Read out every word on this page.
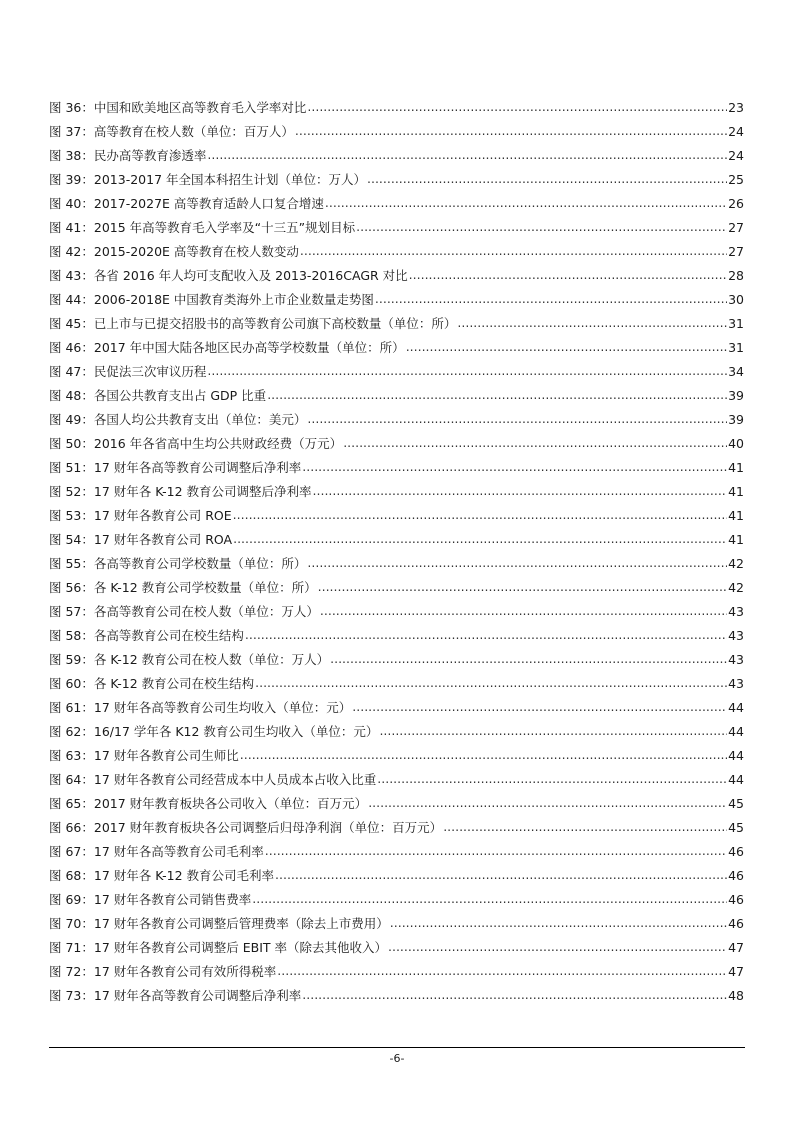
图 36： 中国和欧美地区高等教育毛入学率对比 .....	23
图 37： 高等教育在校人数（单位：百万人） .....	24
图 38： 民办高等教育渗透率 .....	24
图 39： 2013-2017 年全国本科招生计划（单位：万人） .....	25
图 40： 2017-2027E 高等教育适龄人口复合增速 .....	26
图 41： 2015 年高等教育毛入学率及“十三五”规划目标 .....	27
图 42： 2015-2020E 高等教育在校人数变动 .....	27
图 43： 各省 2016 年人均可支配收入及 2013-2016CAGR 对比 .....	28
图 44： 2006-2018E 中国教育类海外上市企业数量走势图 .....	30
图 45： 已上市与已提交招股书的高等教育公司旗下高校数量（单位：所） .....	31
图 46： 2017 年中国大陆各地区民办高等学校数量（单位：所） .....	31
图 47： 民促法三次审议历程 .....	34
图 48： 各国公共教育支出占 GDP 比重 .....	39
图 49： 各国人均公共教育支出（单位：美元） .....	39
图 50： 2016 年各省高中生均公共财政经费（万元） .....	40
图 51： 17 财年各高等教育公司调整后净利率 .....	41
图 52： 17 财年各 K-12 教育公司调整后净利率 .....	41
图 53： 17 财年各教育公司 ROE .....	41
图 54： 17 财年各教育公司 ROA .....	41
图 55： 各高等教育公司学校数量（单位：所） .....	42
图 56： 各 K-12 教育公司学校数量（单位：所） .....	42
图 57： 各高等教育公司在校人数（单位：万人） .....	43
图 58： 各高等教育公司在校生结构 .....	43
图 59： 各 K-12 教育公司在校人数（单位：万人） .....	43
图 60： 各 K-12 教育公司在校生结构 .....	43
图 61： 17 财年各高等教育公司生均收入（单位：元） .....	44
图 62： 16/17 学年各 K12 教育公司生均收入（单位：元） .....	44
图 63： 17 财年各教育公司生师比 .....	44
图 64： 17 财年各教育公司经营成本中人员成本占收入比重 .....	44
图 65： 2017 财年教育板块各公司收入（单位：百万元） .....	45
图 66： 2017 财年教育板块各公司调整后归母净利润（单位：百万元） .....	45
图 67： 17 财年各高等教育公司毛利率 .....	46
图 68： 17 财年各 K-12 教育公司毛利率 .....	46
图 69： 17 财年各教育公司销售费率 .....	46
图 70： 17 财年各教育公司调整后管理费率（除去上市费用） .....	46
图 71： 17 财年各教育公司调整后 EBIT 率（除去其他收入） .....	47
图 72： 17 财年各教育公司有效所得税率 .....	47
图 73： 17 财年各高等教育公司调整后净利率 .....	48
-6-
